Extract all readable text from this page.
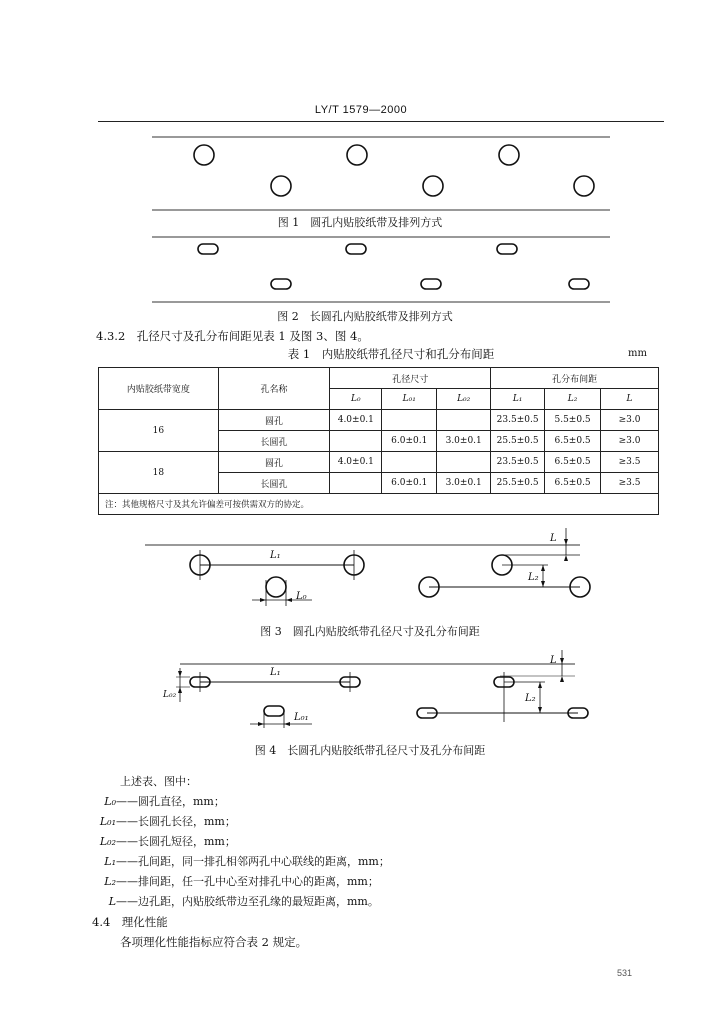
LY/T 1579—2000
图 1　圆孔内贴胶纸带及排列方式
图 2　长圆孔内贴胶纸带及排列方式
4.3.2　孔径尺寸及孔分布间距见表 1 及图 3、图 4。
表 1　内贴胶纸带孔径尺寸和孔分布间距	mm
内贴胶纸带宽度	孔名称	孔径尺寸			孔分布间距		
		L₀	L₀₁	L₀₂	L₁	L₂	L
16	圆孔	4.0±0.1			23.5±0.5	5.5±0.5	≥3.0
	长圆孔		6.0±0.1	3.0±0.1	25.5±0.5	6.5±0.5	≥3.0
18	圆孔	4.0±0.1			23.5±0.5	6.5±0.5	≥3.5
	长圆孔		6.0±0.1	3.0±0.1	25.5±0.5	6.5±0.5	≥3.5
注：其他规格尺寸及其允许偏差可按供需双方的协定。							
L₁
L₀
L₂
L
图 3　圆孔内贴胶纸带孔径尺寸及孔分布间距
L₁
L₀₂
L₀₁
L₂
L
图 4　长圆孔内贴胶纸带孔径尺寸及孔分布间距
上述表、图中：
L₀——圆孔直径，mm；
L₀₁——长圆孔长径，mm；
L₀₂——长圆孔短径，mm；
L₁——孔间距，同一排孔相邻两孔中心联线的距离，mm；
L₂——排间距，任一孔中心至对排孔中心的距离，mm；
L——边孔距，内贴胶纸带边至孔缘的最短距离，mm。
4.4　理化性能
各项理化性能指标应符合表 2 规定。
531
